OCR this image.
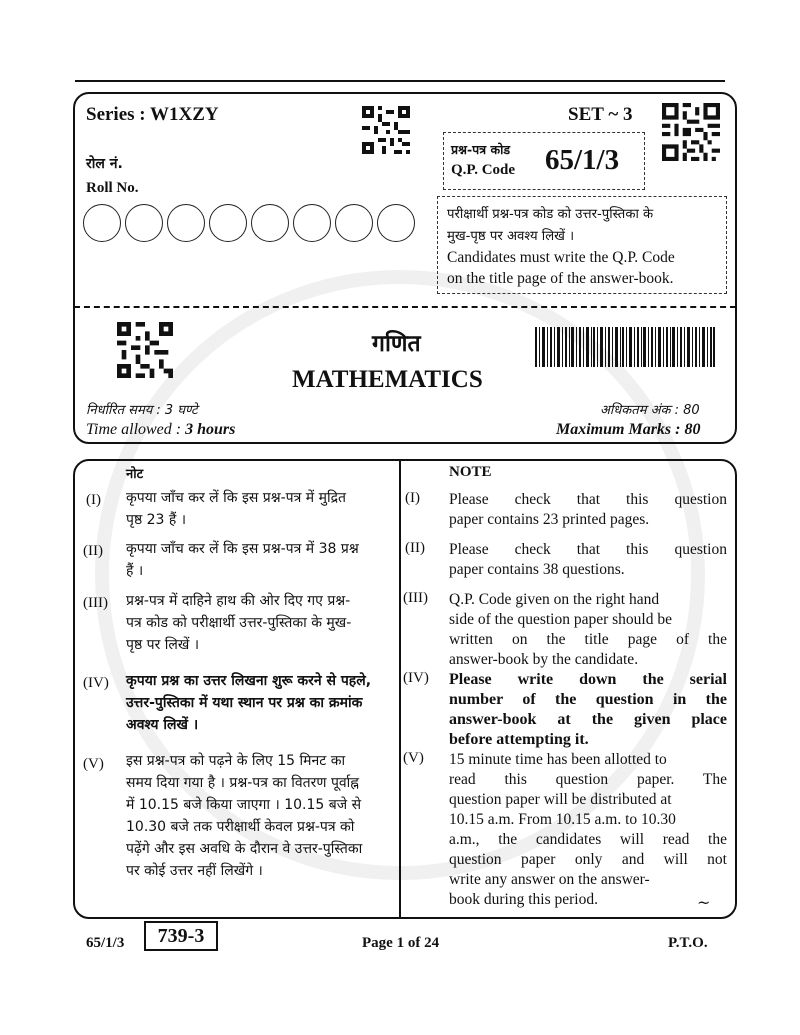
Series : W1XZY	SET ~ 3
रोल नं.
Roll No.
प्रश्न-पत्र कोड
Q.P. Code 65/1/3
परीक्षार्थी प्रश्न-पत्र कोड को उत्तर-पुस्तिका के
मुख-पृष्ठ पर अवश्य लिखें ।
Candidates must write the Q.P. Code
on the title page of the answer-book.
गणित
MATHEMATICS
निर्धारित समय : 3 घण्टे
Time allowed : 3 hours
अधिकतम अंक : 80
Maximum Marks : 80
नोट	NOTE
(I) कृपया जाँच कर लें कि इस प्रश्न-पत्र में मुद्रित
पृष्ठ 23 हैं ।
(I) Please check that this question
paper contains 23 printed pages.
(II) कृपया जाँच कर लें कि इस प्रश्न-पत्र में 38 प्रश्न
हैं ।
(II) Please check that this question
paper contains 38 questions.
(III) प्रश्न-पत्र में दाहिने हाथ की ओर दिए गए प्रश्न-
पत्र कोड को परीक्षार्थी उत्तर-पुस्तिका के मुख-
पृष्ठ पर लिखें ।
(III) Q.P. Code given on the right hand
side of the question paper should be
written on the title page of the
answer-book by the candidate.
(IV) कृपया प्रश्न का उत्तर लिखना शुरू करने से पहले,
उत्तर-पुस्तिका में यथा स्थान पर प्रश्न का क्रमांक
अवश्य लिखें ।
(IV) Please write down the serial
number of the question in the
answer-book at the given place
before attempting it.
(V) इस प्रश्न-पत्र को पढ़ने के लिए 15 मिनट का
समय दिया गया है । प्रश्न-पत्र का वितरण पूर्वाह्न
में 10.15 बजे किया जाएगा । 10.15 बजे से
10.30 बजे तक परीक्षार्थी केवल प्रश्न-पत्र को
पढ़ेंगे और इस अवधि के दौरान वे उत्तर-पुस्तिका
पर कोई उत्तर नहीं लिखेंगे ।
(V) 15 minute time has been allotted to
read this question paper. The
question paper will be distributed at
10.15 a.m. From 10.15 a.m. to 10.30
a.m., the candidates will read the
question paper only and will not
write any answer on the answer-
book during this period.	~
65/1/3	739-3	Page 1 of 24	P.T.O.
